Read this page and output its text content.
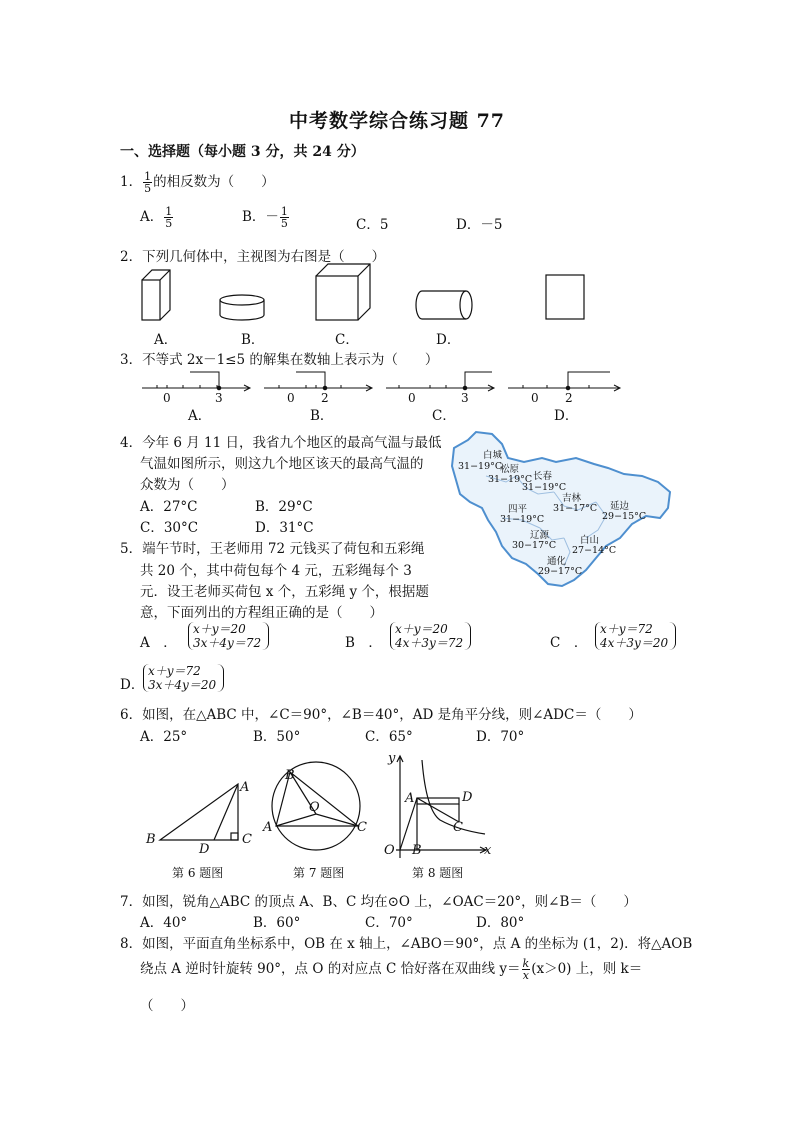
中考数学综合练习题 77
一、选择题（每小题 3 分，共 24 分）
1． $\frac{1}{5}$ 的相反数为（　　）
A． $\frac{1}{5}$	B．－ $\frac{1}{5}$	C．5	D．－5
2．下列几何体中，主视图为右图是（　　）
A．	B．	C．	D．
3．不等式 2x－1≤5 的解集在数轴上表示为（　　）
0	3	0 2	0	3	0 2
A．	B．	C．	D．
4．今年 6 月 11 日，我省九个地区的最高气温与最低
气温如图所示，则这九个地区该天的最高气温的
众数为（　　）
A．27°C	B．29°C
C．30°C	D．31°C
白城
31−19°C
松原
31−19°C 长春
31−19°C
吉林
31−17°C 延边
29−15°C
四平
31−19°C
辽源
30−17°C	白山
27−14°C
通化
29−17°C
5．端午节时，王老师用 72 元钱买了荷包和五彩绳
共 20 个，其中荷包每个 4 元，五彩绳每个 3
元．设王老师买荷包 x 个，五彩绳 y 个，根据题
意，下面列出的方程组正确的是（　　）
A　．
x＋y＝20
3x＋4y＝72	B　．
x＋y＝20
4x＋3y＝72	C　．
x＋y＝72
4x＋3y＝20
D．
x＋y＝72
3x＋4y＝20
6．如图，在△ABC 中，∠C＝90°，∠B＝40°，AD 是角平分线，则∠ADC＝（　　）
A．25°	B．50°	C．65°	D．70°
B
A
C
D
B
A	C
O
y
x
O
A
B
C
D
第 6 题图	第 7 题图	第 8 题图
7．如图，锐角△ABC 的顶点 A、B、C 均在⊙O 上，∠OAC＝20°，则∠B＝（　　）
A．40°	B．60°	C．70°	D．80°
8．如图，平面直角坐标系中，OB 在 x 轴上，∠ABO＝90°，点 A 的坐标为 (1，2)．将△AOB
绕点 A 逆时针旋转 90°，点 O 的对应点 C 恰好落在双曲线 $y= \frac{k}{x} (x>0)$ 上，则 k＝
（　　）
